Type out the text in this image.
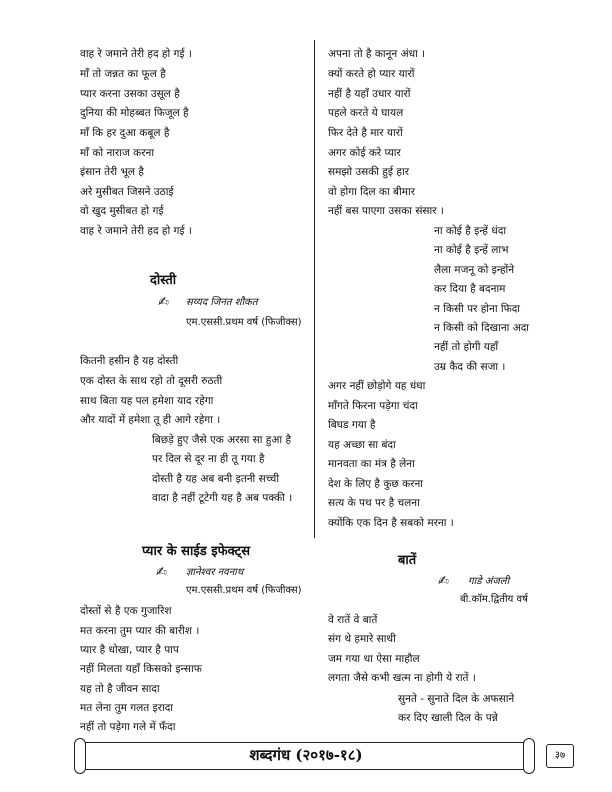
वाह रे जमाने तेरी हद हो गई ।
माँ तो जन्नत का फूल है
प्यार करना उसका उसूल है
दुनिया की मोहब्बत फिजूल है
माँ कि हर दुआ कबूल है
माँ को नाराज करना
इंसान तेरी भूल है
अरे मुसीबत जिसने उठाई
वो खुद मुसीबत हो गई
वाह रे जमाने तेरी हद हो गई ।
दोस्ती
✍ सय्यद जिनत शौकत
एम.एससी.प्रथम वर्ष (फिजीक्स)
कितनी हसीन है यह दोस्ती
एक दोस्त के साथ रहो तो दूसरी रुठती
साथ बिता यह पल हमेशा याद रहेगा
और यादों में हमेशा तू ही आगे रहेगा ।
बिछड़े हुए जैसे एक अरसा सा हुआ है
पर दिल से दूर ना ही तू गया है
दोस्ती है यह अब बनी इतनी सच्ची
वादा है नहीं टूटेगी यह है अब पक्की ।
प्यार के साईड इफेक्ट्स
✍ ज्ञानेश्वर नवनाथ
एम.एससी.प्रथम वर्ष (फिजीक्स)
दोस्तों से है एक गुजारिश
मत करना तुम प्यार की बारीश ।
प्यार है धोखा, प्यार है पाप
नहीं मिलता यहाँ किसको इन्साफ
यह तो है जीवन सादा
मत लेना तुम गलत इरादा
नहीं तो पड़ेगा गले में फँदा
अपना तो है कानून अंधा ।
क्यों करते हो प्यार यारों
नहीं है यहाँ उधार यारों
पहले करते ये घायल
फिर देते है मार यारों
अगर कोई करे प्यार
समझो उसकी हुई हार
वो होगा दिल का बीमार
नहीं बस पाएगा उसका संसार ।
ना कोई है इन्हें धंदा
ना कोई है इन्हें लाभ
लैला मजनू को इन्होंने
कर दिया है बदनाम
न किसी पर होना फिदा
न किसी को दिखाना अदा
नहीं तो होगी यहाँ
उम्र कैद की सजा ।
अगर नहीं छोड़ोगे यह धंधा
माँगते फिरना पड़ेगा चंदा
बिघड गया है
यह अच्छा सा बंदा
मानवता का मंत्र है लेना
देश के लिए है कुछ करना
सत्य के पथ पर है चलना
क्योंकि एक दिन है सबको मरना ।
बातें
✍ गाडे अंजली
बी.कॉम.द्वितीय वर्ष
वे रातें वे बातें
संग थे हमारे साथी
जम गया था ऐसा माहौल
लगता जैसे कभी खत्म ना होगी ये रातें ।
सुनते - सुनाते दिल के अफसाने
कर दिए खाली दिल के पन्ने
शब्दगंध (२०१७-१८)	३७
